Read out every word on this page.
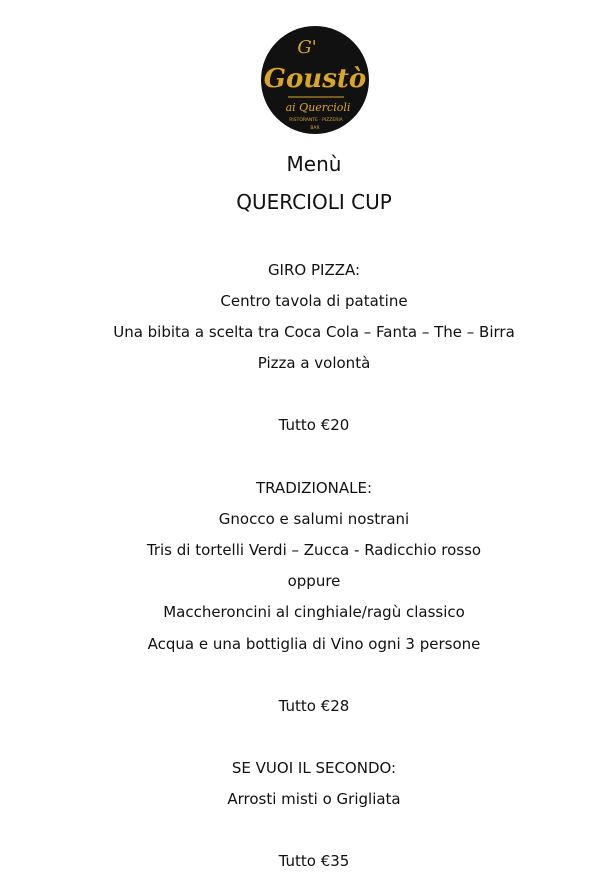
G'
Goustò
ai Quercioli
RISTORANTE · PIZZERIA
BAR
Menù
QUERCIOLI CUP
GIRO PIZZA:
Centro tavola di patatine
Una bibita a scelta tra Coca Cola – Fanta – The – Birra
Pizza a volontà
Tutto €20
TRADIZIONALE:
Gnocco e salumi nostrani
Tris di tortelli Verdi – Zucca - Radicchio rosso
oppure
Maccheroncini al cinghiale/ragù classico
Acqua e una bottiglia di Vino ogni 3 persone
Tutto €28
SE VUOI IL SECONDO:
Arrosti misti o Grigliata
Tutto €35
